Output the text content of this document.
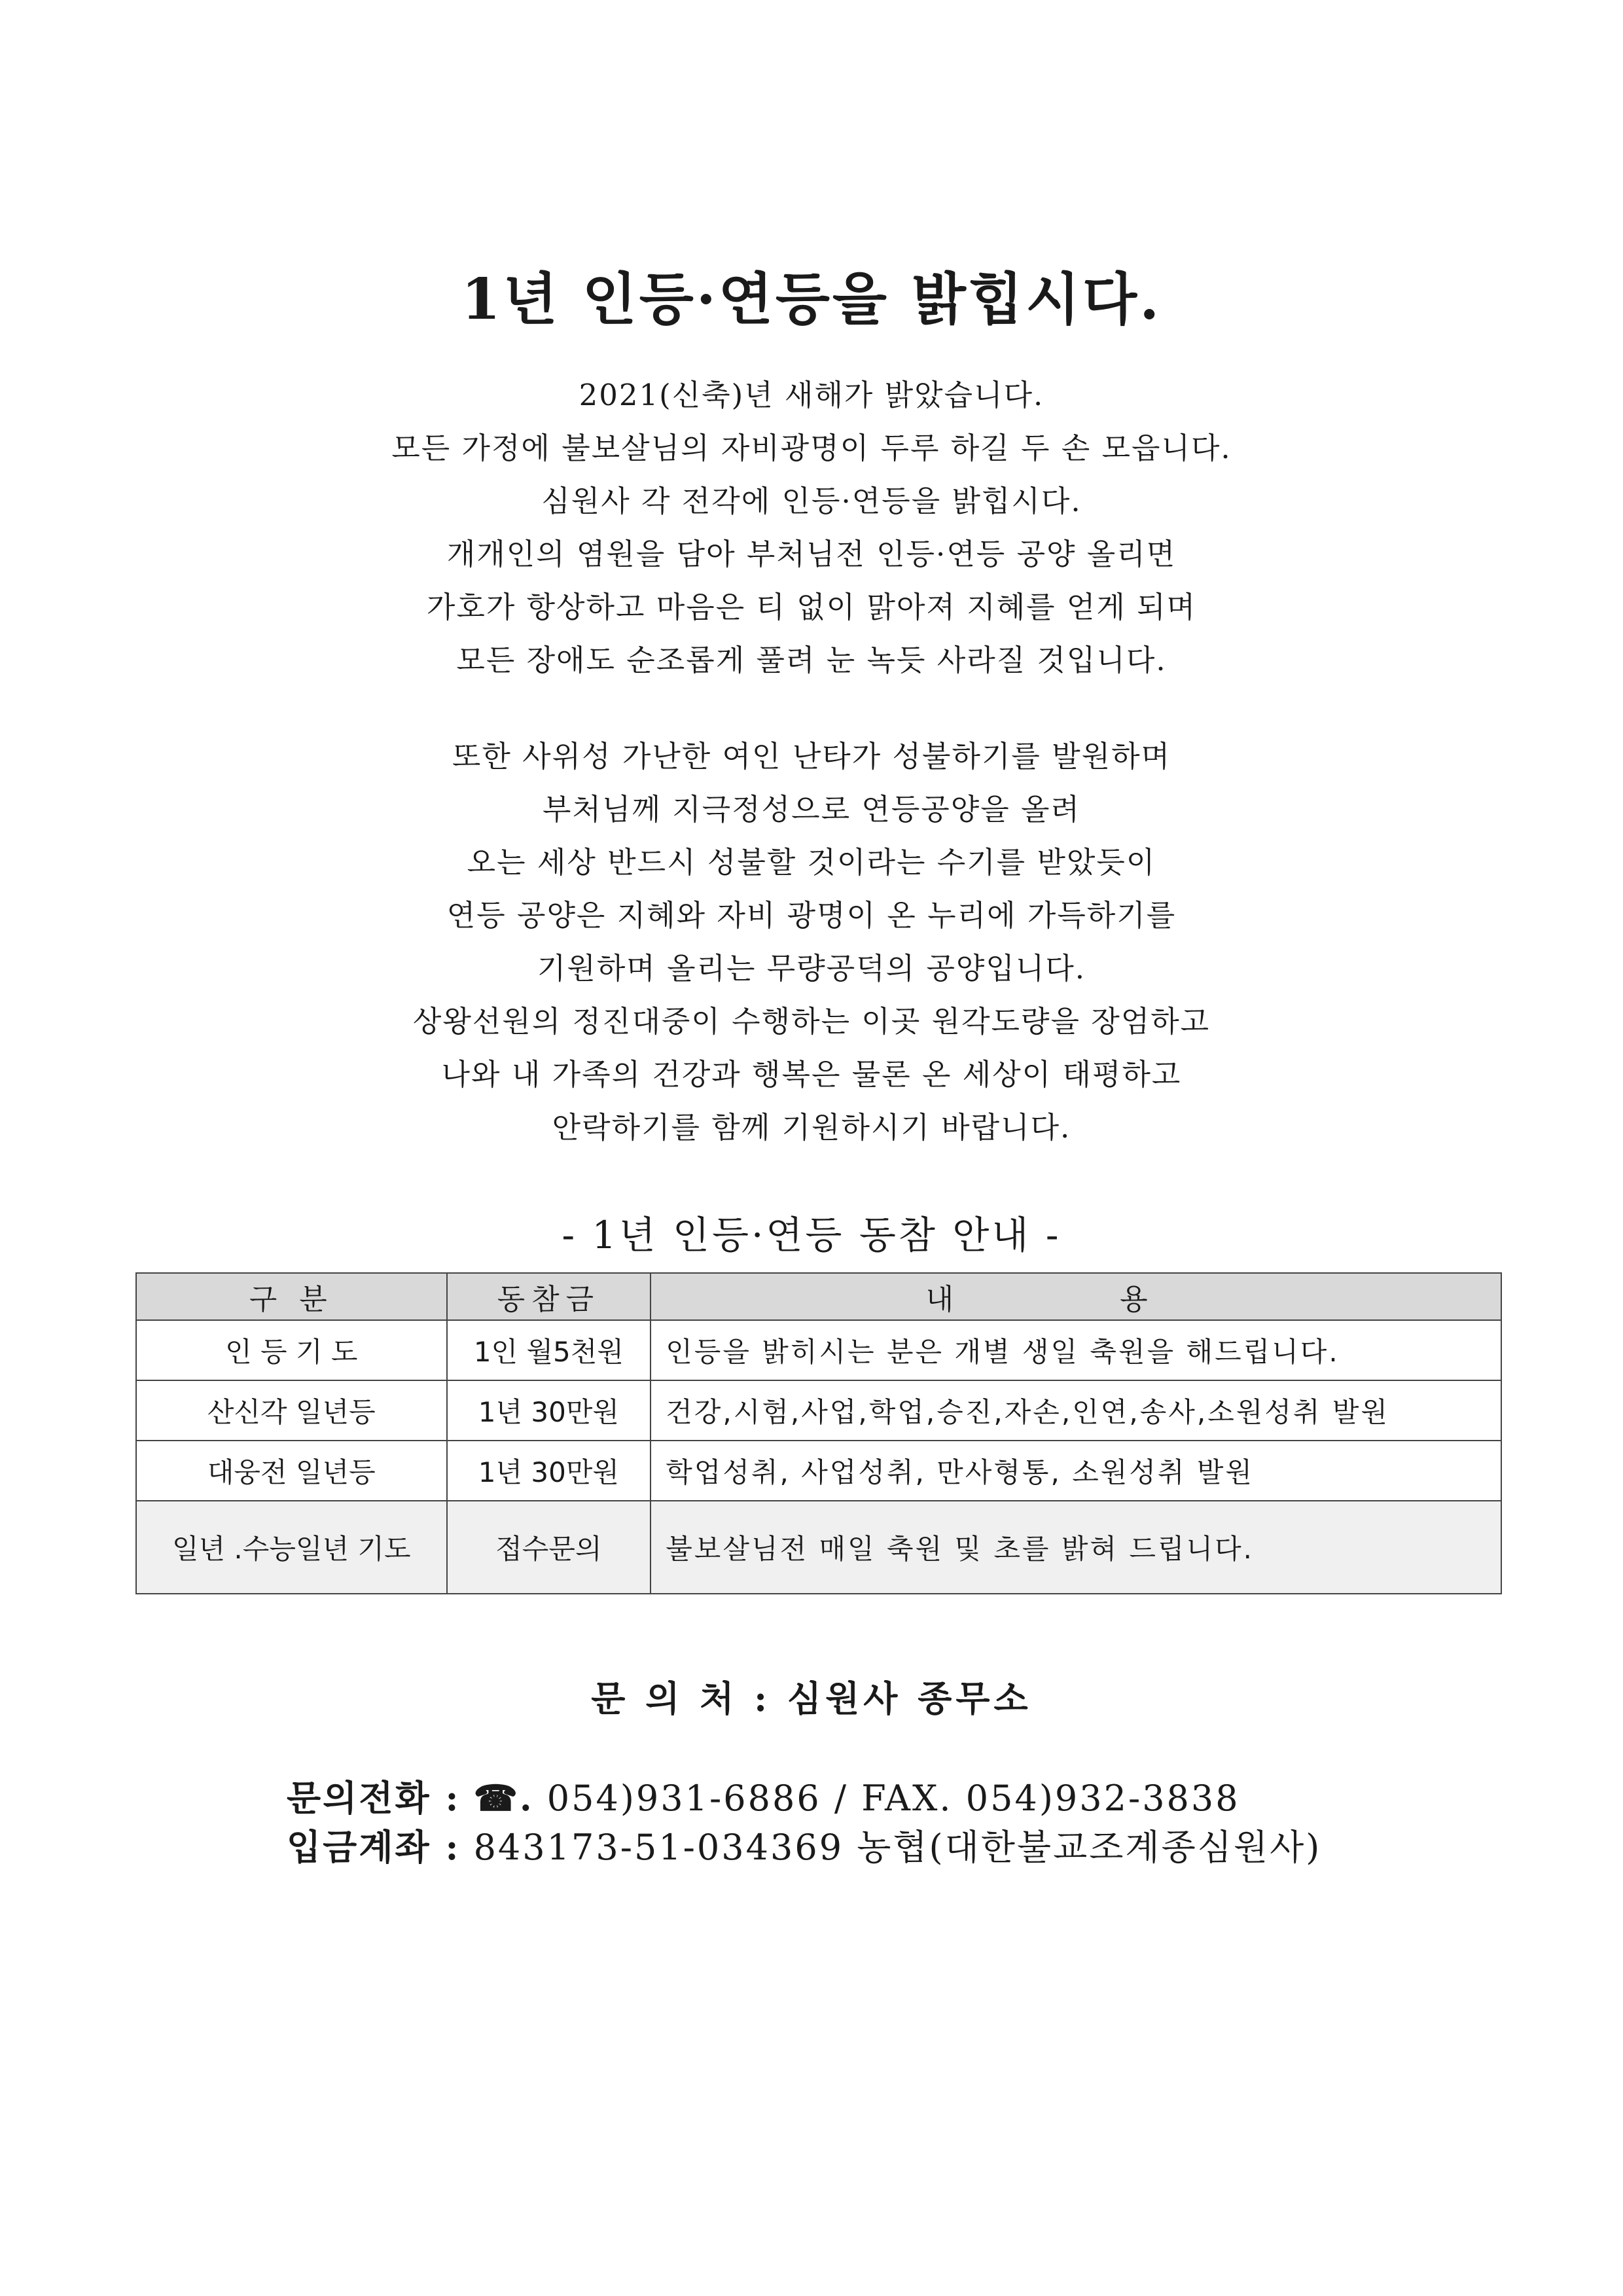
1년 인등·연등을 밝힙시다.
2021(신축)년 새해가 밝았습니다.
모든 가정에 불보살님의 자비광명이 두루 하길 두 손 모읍니다.
심원사 각 전각에 인등·연등을 밝힙시다.
개개인의 염원을 담아 부처님전 인등·연등 공양 올리면
가호가 항상하고 마음은 티 없이 맑아져 지혜를 얻게 되며
모든 장애도 순조롭게 풀려 눈 녹듯 사라질 것입니다.
또한 사위성 가난한 여인 난타가 성불하기를 발원하며
부처님께 지극정성으로 연등공양을 올려
오는 세상 반드시 성불할 것이라는 수기를 받았듯이
연등 공양은 지혜와 자비 광명이 온 누리에 가득하기를
기원하며 올리는 무량공덕의 공양입니다.
상왕선원의 정진대중이 수행하는 이곳 원각도량을 장엄하고
나와 내 가족의 건강과 행복은 물론 온 세상이 태평하고
안락하기를 함께 기원하시기 바랍니다.
- 1년 인등·연등 동참 안내 -
구 분	동참금	내 용
인 등 기 도	1인 월5천원	인등을 밝히시는 분은 개별 생일 축원을 해드립니다.
산신각 일년등	1년 30만원	건강,시험,사업,학업,승진,자손,인연,송사,소원성취 발원
대웅전 일년등	1년 30만원	학업성취, 사업성취, 만사형통, 소원성취 발원
일년 .수능일년 기도	접수문의	불보살님전 매일 축원 및 초를 밝혀 드립니다.
문 의 처 : 심원사 종무소
문의전화 : ☎. 054)931-6886 / FAX. 054)932-3838
입금계좌 : 843173-51-034369 농협(대한불교조계종심원사)
